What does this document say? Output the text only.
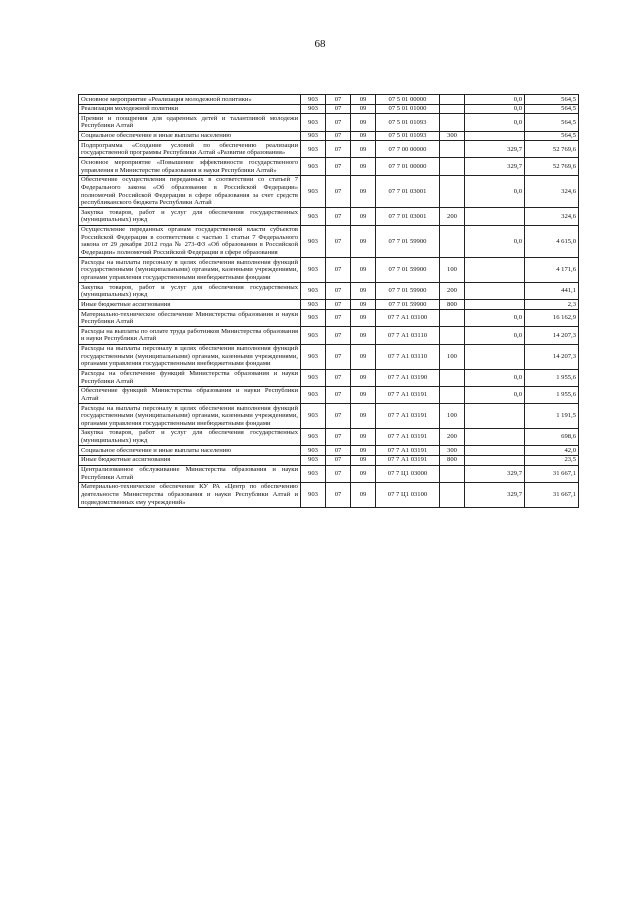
68
Основное мероприятие «Реализация молодежной политики»	903	07	09	07 5 01 00000		0,0	564,5
Реализация молодежной политики	903	07	09	07 5 01 01000		0,0	564,5
Премии и поощрения для одаренных детей и талантливой молодежи Республики Алтай	903	07	09	07 5 01 01093		0,0	564,5
Социальное обеспечение и иные выплаты населению	903	07	09	07 5 01 01093	300		564,5
Подпрограмма «Создание условий по обеспечению реализации государственной программы Республики Алтай «Развитие образования»	903	07	09	07 7 00 00000		329,7	52 769,6
Основное мероприятие «Повышение эффективности государственного управления в Министерстве образования и науки Республики Алтай»	903	07	09	07 7 01 00000		329,7	52 769,6
Обеспечение осуществления переданных в соответствии со статьей 7 Федерального закона «Об образовании в Российской Федерации» полномочий Российской Федерации в сфере образования за счет средств республиканского бюджета Республики Алтай	903	07	09	07 7 01 03001		0,0	324,6
Закупка товаров, работ и услуг для обеспечения государственных (муниципальных) нужд	903	07	09	07 7 01 03001	200		324,6
Осуществление переданных органам государственной власти субъектов Российской Федерации в соответствии с частью 1 статьи 7 Федерального закона от 29 декабря 2012 года № 273-ФЗ «Об образовании в Российской Федерации» полномочий Российской Федерации в сфере образования	903	07	09	07 7 01 59900		0,0	4 615,0
Расходы на выплаты персоналу в целях обеспечения выполнения функций государственными (муниципальными) органами, казенными учреждениями, органами управления государственными внебюджетными фондами	903	07	09	07 7 01 59900	100		4 171,6
Закупка товаров, работ и услуг для обеспечения государственных (муниципальных) нужд	903	07	09	07 7 01 59900	200		441,1
Иные бюджетные ассигнования	903	07	09	07 7 01 59900	800		2,3
Материально-техническое обеспечение Министерства образования и науки Республики Алтай	903	07	09	07 7 А1 03100		0,0	16 162,9
Расходы на выплаты по оплате труда работников Министерства образования и науки Республики Алтай	903	07	09	07 7 А1 03110		0,0	14 207,3
Расходы на выплаты персоналу в целях обеспечения выполнения функций государственными (муниципальными) органами, казенными учреждениями, органами управления государственными внебюджетными фондами	903	07	09	07 7 А1 03110	100		14 207,3
Расходы на обеспечение функций Министерства образования и науки Республики Алтай	903	07	09	07 7 А1 03190		0,0	1 955,6
Обеспечение функций Министерства образования и науки Республики Алтай	903	07	09	07 7 А1 03191		0,0	1 955,6
Расходы на выплаты персоналу в целях обеспечения выполнения функций государственными (муниципальными) органами, казенными учреждениями, органами управления государственными внебюджетными фондами	903	07	09	07 7 А1 03191	100		1 191,5
Закупка товаров, работ и услуг для обеспечения государственных (муниципальных) нужд	903	07	09	07 7 А1 03191	200		698,6
Социальное обеспечение и иные выплаты населению	903	07	09	07 7 А1 03191	300		42,0
Иные бюджетные ассигнования	903	07	09	07 7 А1 03191	800		23,5
Централизованное обслуживание Министерства образования и науки Республики Алтай	903	07	09	07 7 Ц1 03000		329,7	31 667,1
Материально-техническое обеспечение КУ РА «Центр по обеспечению деятельности Министерства образования и науки Республики Алтай и подведомственных ему учреждений»	903	07	09	07 7 Ц1 03100		329,7	31 667,1
